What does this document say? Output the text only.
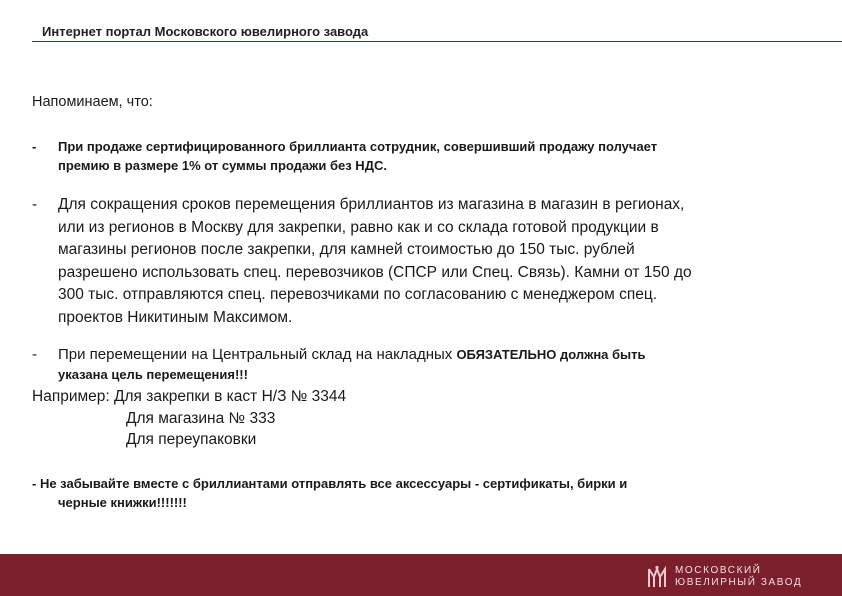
Интернет портал Московского ювелирного завода
Напоминаем, что:
-	При продаже сертифицированного бриллианта сотрудник, совершивший продажу получает
премию в размере 1% от суммы продажи без НДС.
-	Для сокращения сроков перемещения бриллиантов из магазина в магазин в регионах,
или из регионов в Москву для закрепки, равно как и со склада готовой продукции в
магазины регионов после закрепки, для камней стоимостью до 150 тыс. рублей
разрешено использовать спец. перевозчиков (СПСР или Спец. Связь). Камни от 150 до
300 тыс. отправляются спец. перевозчиками по согласованию с менеджером спец.
проектов Никитиным Максимом.
-	При перемещении на Центральный склад на накладных ОБЯЗАТЕЛЬНО должна быть
указана цель перемещения!!!
Например: Для закрепки в каст Н/З № 3344
Для магазина № 333
Для переупаковки
- Не забывайте вместе с бриллиантами отправлять все аксессуары - сертификаты, бирки и
черные книжки!!!!!!!
МОСКОВСКИЙ
ЮВЕЛИРНЫЙ ЗАВОД
